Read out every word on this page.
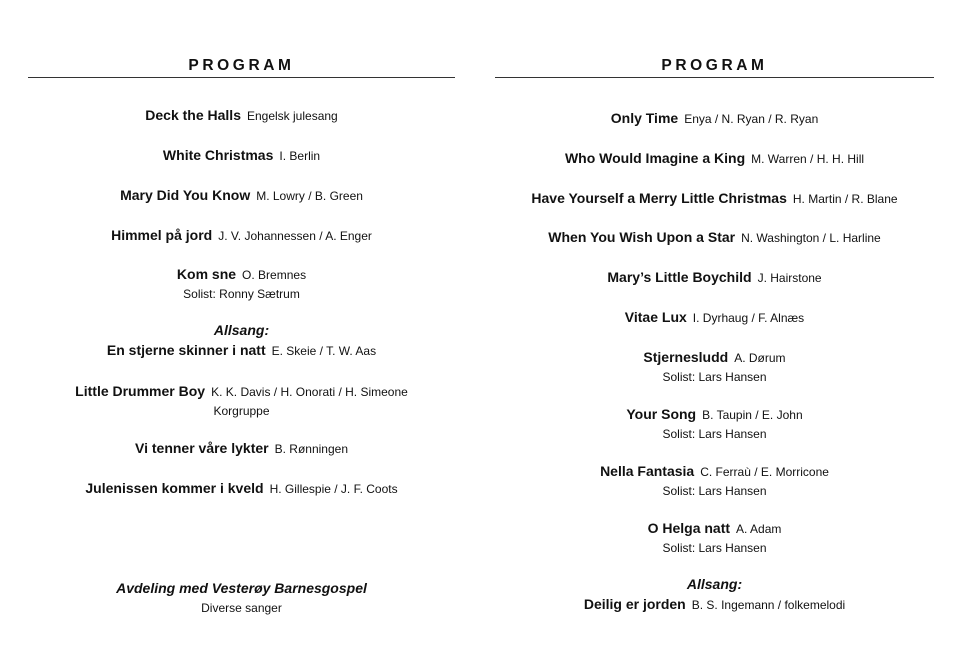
PROGRAM
Deck the Halls Engelsk julesang
White Christmas I. Berlin
Mary Did You Know M. Lowry / B. Green
Himmel på jord J. V. Johannessen / A. Enger
Kom sne O. Bremnes
Solist: Ronny Sætrum
Allsang:
En stjerne skinner i natt E. Skeie / T. W. Aas
Little Drummer Boy K. K. Davis / H. Onorati / H. Simeone
Korgruppe
Vi tenner våre lykter B. Rønningen
Julenissen kommer i kveld H. Gillespie / J. F. Coots
Avdeling med Vesterøy Barnesgospel
Diverse sanger
PROGRAM
Only Time Enya / N. Ryan / R. Ryan
Who Would Imagine a King M. Warren / H. H. Hill
Have Yourself a Merry Little Christmas H. Martin / R. Blane
When You Wish Upon a Star N. Washington / L. Harline
Mary’s Little Boychild J. Hairstone
Vitae Lux I. Dyrhaug / F. Alnæs
Stjernesludd A. Dørum
Solist: Lars Hansen
Your Song B. Taupin / E. John
Solist: Lars Hansen
Nella Fantasia C. Ferraù / E. Morricone
Solist: Lars Hansen
O Helga natt A. Adam
Solist: Lars Hansen
Allsang:
Deilig er jorden B. S. Ingemann / folkemelodi
